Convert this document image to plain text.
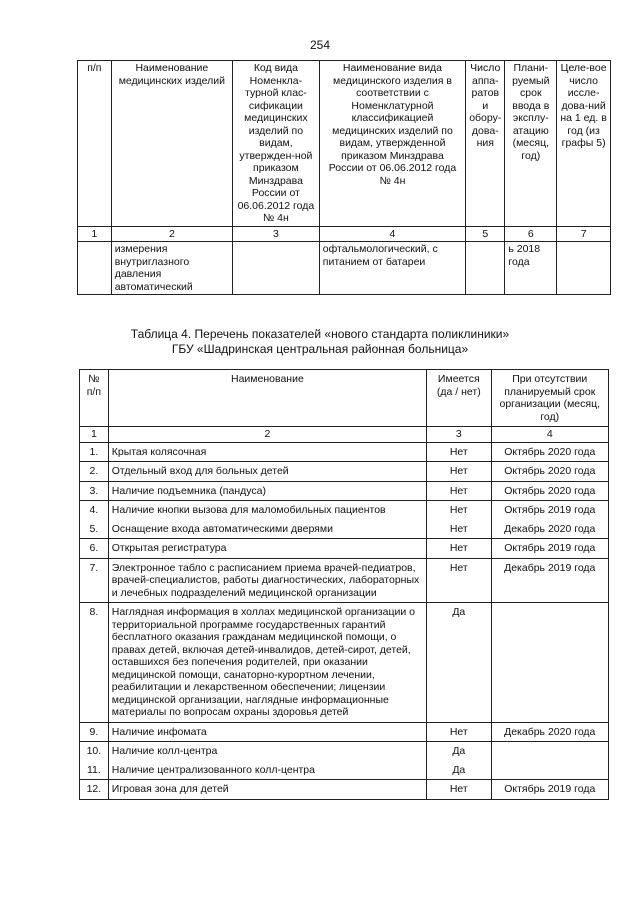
254
п/п	Наименование медицинских изделий	Код вида Номенкла-турной клас-сификации медицинских изделий по видам, утвержден-ной приказом Минздрава России от 06.06.2012 года № 4н	Наименование вида медицинского изделия в соответствии с Номенклатурной классификацией медицинских изделий по видам, утвержденной приказом Минздрава России от 06.06.2012 года № 4н	Число аппа-ратов и обору-дова-ния	Плани-руемый срок ввода в эксплу-атацию (месяц, год)	Целе-вое число иссле-дова-ний на 1 ед. в год (из графы 5)
1	2	3	4	5	6	7
	измерения внутриглазного давления автоматический		офтальмологический, с питанием от батареи		ь 2018 года	
Таблица 4. Перечень показателей «нового стандарта поликлиники»
ГБУ «Шадринская центральная районная больница»
№ п/п	Наименование	Имеется (да / нет)	При отсутствии планируемый срок организации (месяц, год)
1	2	3	4
1.	Крытая колясочная	Нет	Октябрь 2020 года
2.	Отдельный вход для больных детей	Нет	Октябрь 2020 года
3.	Наличие подъемника (пандуса)	Нет	Октябрь 2020 года
4.	Наличие кнопки вызова для маломобильных пациентов	Нет	Октябрь 2019 года
5.	Оснащение входа автоматическими дверями	Нет	Декабрь 2020 года
6.	Открытая регистратура	Нет	Октябрь 2019 года
7.	Электронное табло с расписанием приема врачей-педиатров, врачей-специалистов, работы диагностических, лабораторных и лечебных подразделений медицинской организации	Нет	Декабрь 2019 года
8.	Наглядная информация в холлах медицинской организации о территориальной программе государственных гарантий бесплатного оказания гражданам медицинской помощи, о правах детей, включая детей-инвалидов, детей-сирот, детей, оставшихся без попечения родителей, при оказании медицинской помощи, санаторно-курортном лечении, реабилитации и лекарственном обеспечении; лицензии медицинской организации, наглядные информационные материалы по вопросам охраны здоровья детей	Да	
9.	Наличие инфомата	Нет	Декабрь 2020 года
10.	Наличие колл-центра	Да	
11.	Наличие централизованного колл-центра	Да	
12.	Игровая зона для детей	Нет	Октябрь 2019 года
